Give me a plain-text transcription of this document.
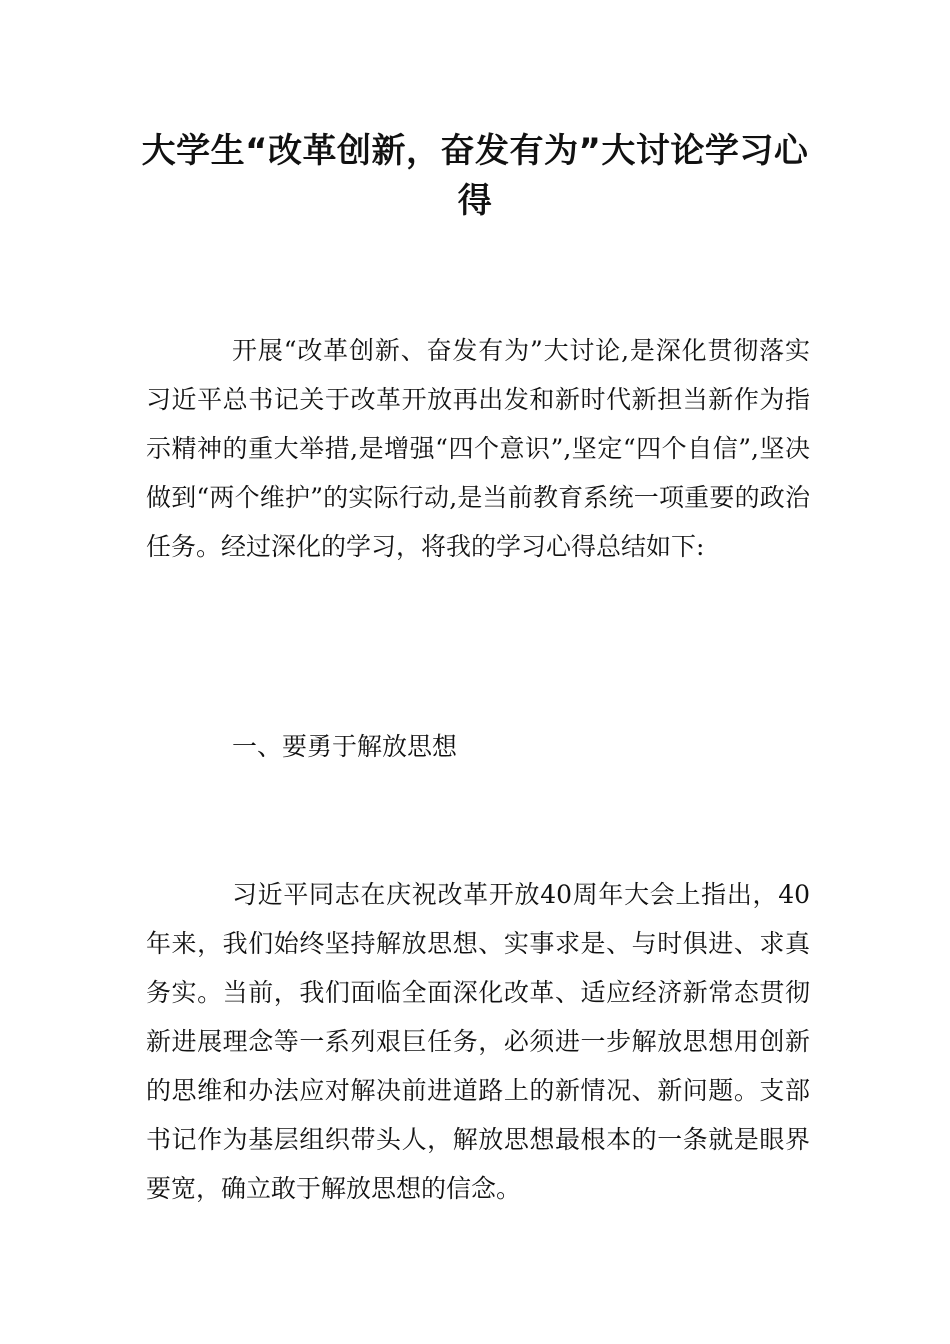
大学生“改革创新，奋发有为”大讨论学习心得

开展“改革创新、奋发有为”大讨论,是深化贯彻落实习近平总书记关于改革开放再出发和新时代新担当新作为指示精神的重大举措,是增强“四个意识”,坚定“四个自信”,坚决做到“两个维护”的实际行动,是当前教育系统一项重要的政治任务。经过深化的学习，将我的学习心得总结如下:

一、要勇于解放思想

习近平同志在庆祝改革开放40周年大会上指出，40年来，我们始终坚持解放思想、实事求是、与时俱进、求真务实。当前，我们面临全面深化改革、适应经济新常态贯彻新进展理念等一系列艰巨任务，必须进一步解放思想用创新的思维和办法应对解决前进道路上的新情况、新问题。支部书记作为基层组织带头人，解放思想最根本的一条就是眼界要宽，确立敢于解放思想的信念。
